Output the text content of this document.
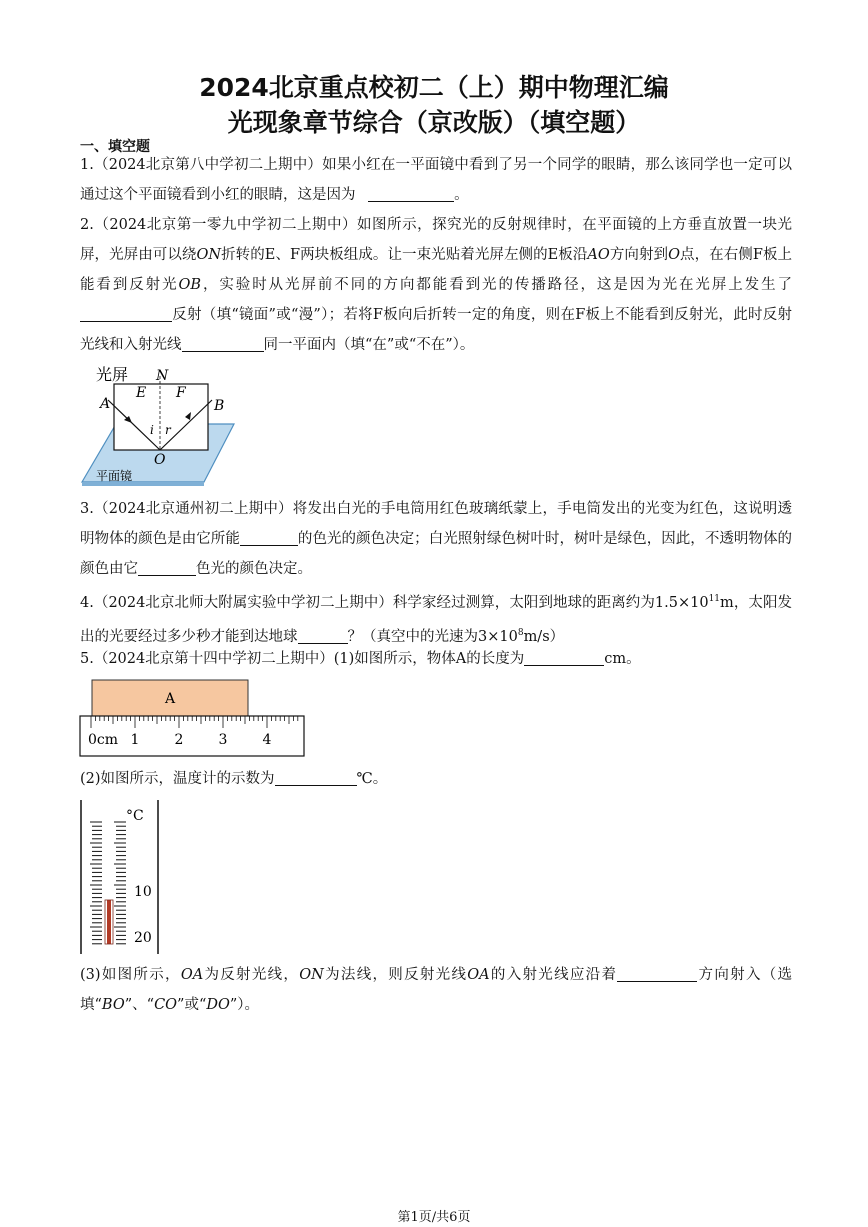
2024北京重点校初二（上）期中物理汇编
光现象章节综合（京改版）（填空题）
一、填空题
1.（2024北京第八中学初二上期中）如果小红在一平面镜中看到了另一个同学的眼睛，那么该同学也一定可以通过这个平面镜看到小红的眼睛，这是因为	。
2.（2024北京第一零九中学初二上期中）如图所示，探究光的反射规律时，在平面镜的上方垂直放置一块光屏，光屏由可以绕ON折转的E、F两块板组成。让一束光贴着光屏左侧的E板沿AO方向射到O点，在右侧F板上能看到反射光OB，实验时从光屏前不同的方向都能看到光的传播路径，这是因为光在光屏上发生了反射（填“镜面”或“漫”）；若将F板向后折转一定的角度，则在F板上不能看到反射光，此时反射光线和入射光线	同一平面内（填“在”或“不在”）。
光屏 N
E F
A	B
i r
O
平面镜
3.（2024北京通州初二上期中）将发出白光的手电筒用红色玻璃纸蒙上，手电筒发出的光变为红色，这说明透明物体的颜色是由它所能	的色光的颜色决定；白光照射绿色树叶时，树叶是绿色，因此，不透明物体的颜色由它	色光的颜色决定。
4.（2024北京北师大附属实验中学初二上期中）科学家经过测算，太阳到地球的距离约为$1.5\times 10^{11}m$，太阳发出的光要经过多少秒才能到达地球	？（真空中的光速为$3\times 10^8m/s$）
5.（2024北京第十四中学初二上期中）(1)如图所示，物体A的长度为	cm。
A
0cm 1	2	3	4
(2)如图所示，温度计的示数为	℃。
°C
10
20
(3)如图所示，OA为反射光线，ON为法线，则反射光线OA的入射光线应沿着	方向射入（选填“BO”、“CO”或“DO”）。
第1页/共6页
